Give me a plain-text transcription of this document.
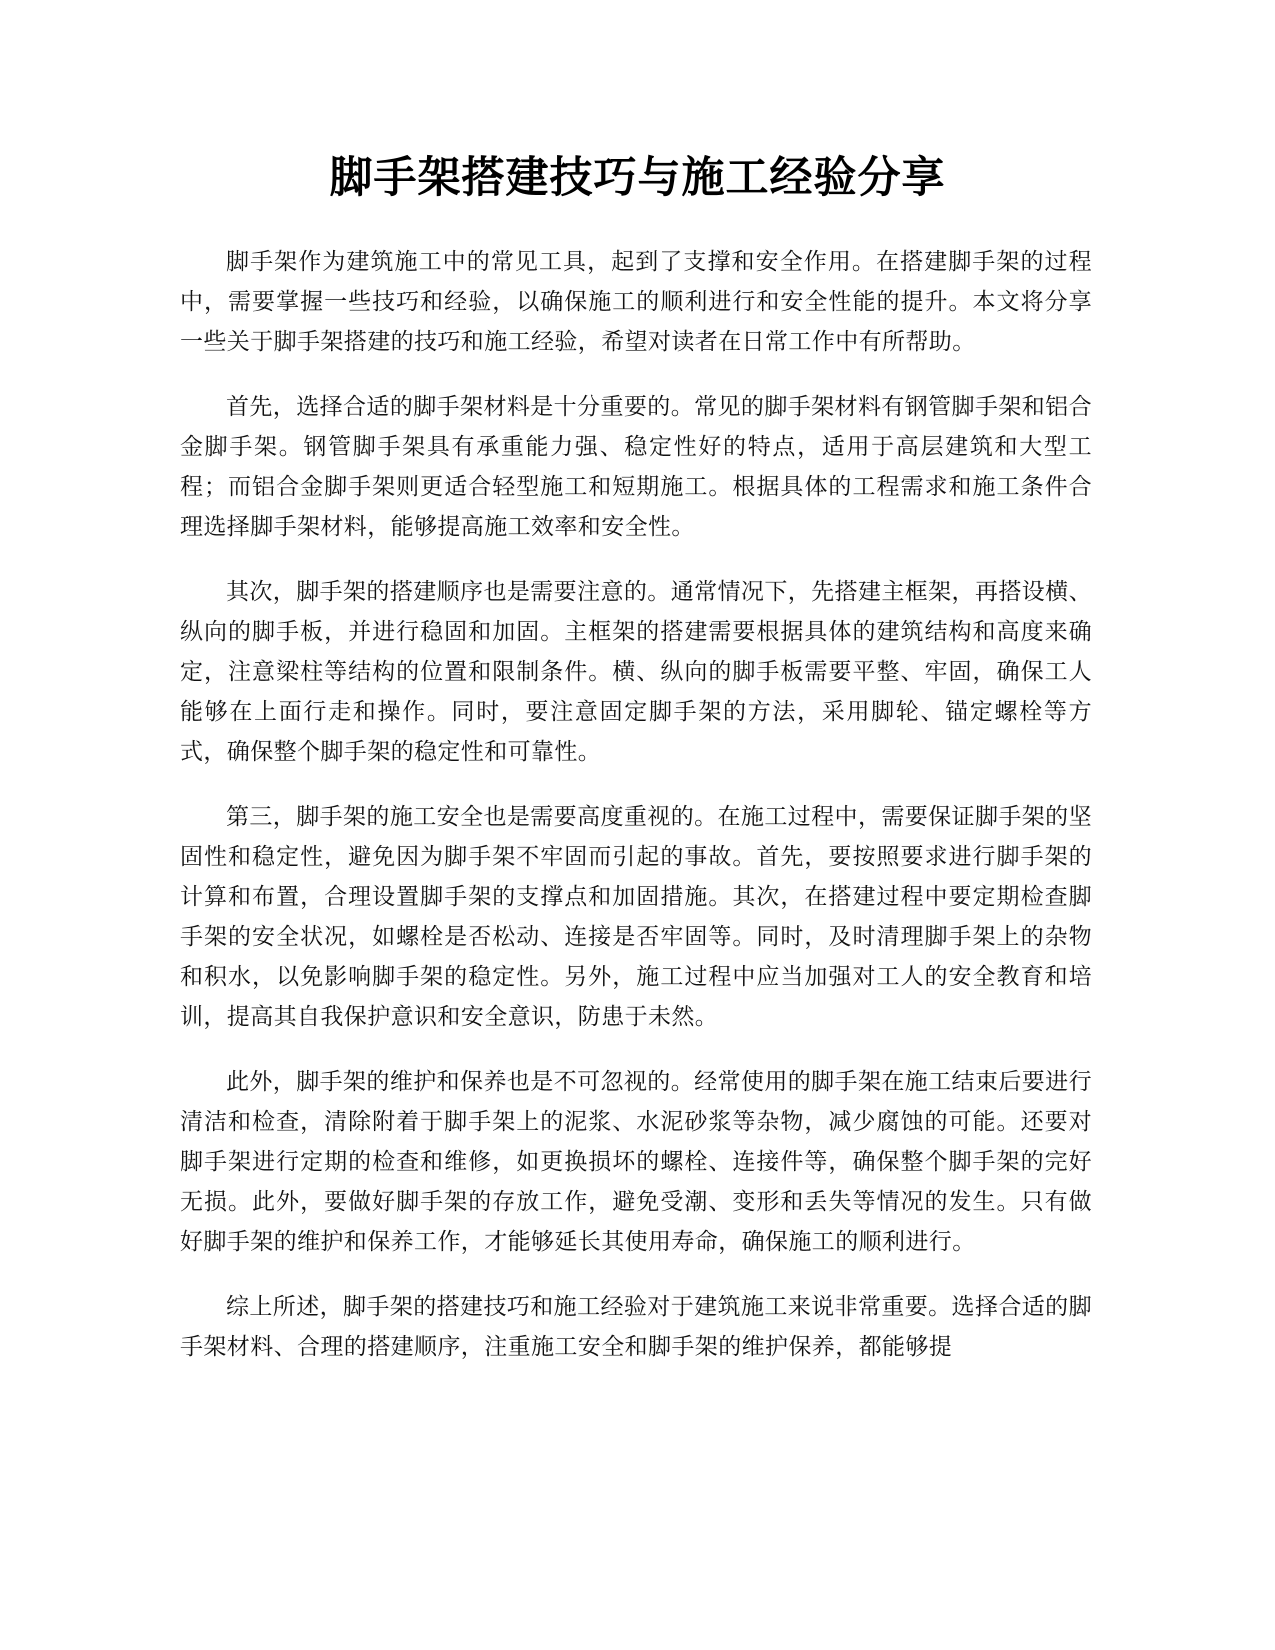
脚手架搭建技巧与施工经验分享

脚手架作为建筑施工中的常见工具，起到了支撑和安全作用。在搭建脚手架的过程中，需要掌握一些技巧和经验，以确保施工的顺利进行和安全性能的提升。本文将分享一些关于脚手架搭建的技巧和施工经验，希望对读者在日常工作中有所帮助。

首先，选择合适的脚手架材料是十分重要的。常见的脚手架材料有钢管脚手架和铝合金脚手架。钢管脚手架具有承重能力强、稳定性好的特点，适用于高层建筑和大型工程；而铝合金脚手架则更适合轻型施工和短期施工。根据具体的工程需求和施工条件合理选择脚手架材料，能够提高施工效率和安全性。

其次，脚手架的搭建顺序也是需要注意的。通常情况下，先搭建主框架，再搭设横、纵向的脚手板，并进行稳固和加固。主框架的搭建需要根据具体的建筑结构和高度来确定，注意梁柱等结构的位置和限制条件。横、纵向的脚手板需要平整、牢固，确保工人能够在上面行走和操作。同时，要注意固定脚手架的方法，采用脚轮、锚定螺栓等方式，确保整个脚手架的稳定性和可靠性。

第三，脚手架的施工安全也是需要高度重视的。在施工过程中，需要保证脚手架的坚固性和稳定性，避免因为脚手架不牢固而引起的事故。首先，要按照要求进行脚手架的计算和布置，合理设置脚手架的支撑点和加固措施。其次，在搭建过程中要定期检查脚手架的安全状况，如螺栓是否松动、连接是否牢固等。同时，及时清理脚手架上的杂物和积水，以免影响脚手架的稳定性。另外，施工过程中应当加强对工人的安全教育和培训，提高其自我保护意识和安全意识，防患于未然。

此外，脚手架的维护和保养也是不可忽视的。经常使用的脚手架在施工结束后要进行清洁和检查，清除附着于脚手架上的泥浆、水泥砂浆等杂物，减少腐蚀的可能。还要对脚手架进行定期的检查和维修，如更换损坏的螺栓、连接件等，确保整个脚手架的完好无损。此外，要做好脚手架的存放工作，避免受潮、变形和丢失等情况的发生。只有做好脚手架的维护和保养工作，才能够延长其使用寿命，确保施工的顺利进行。

综上所述，脚手架的搭建技巧和施工经验对于建筑施工来说非常重要。选择合适的脚手架材料、合理的搭建顺序，注重施工安全和脚手架的维护保养，都能够提
